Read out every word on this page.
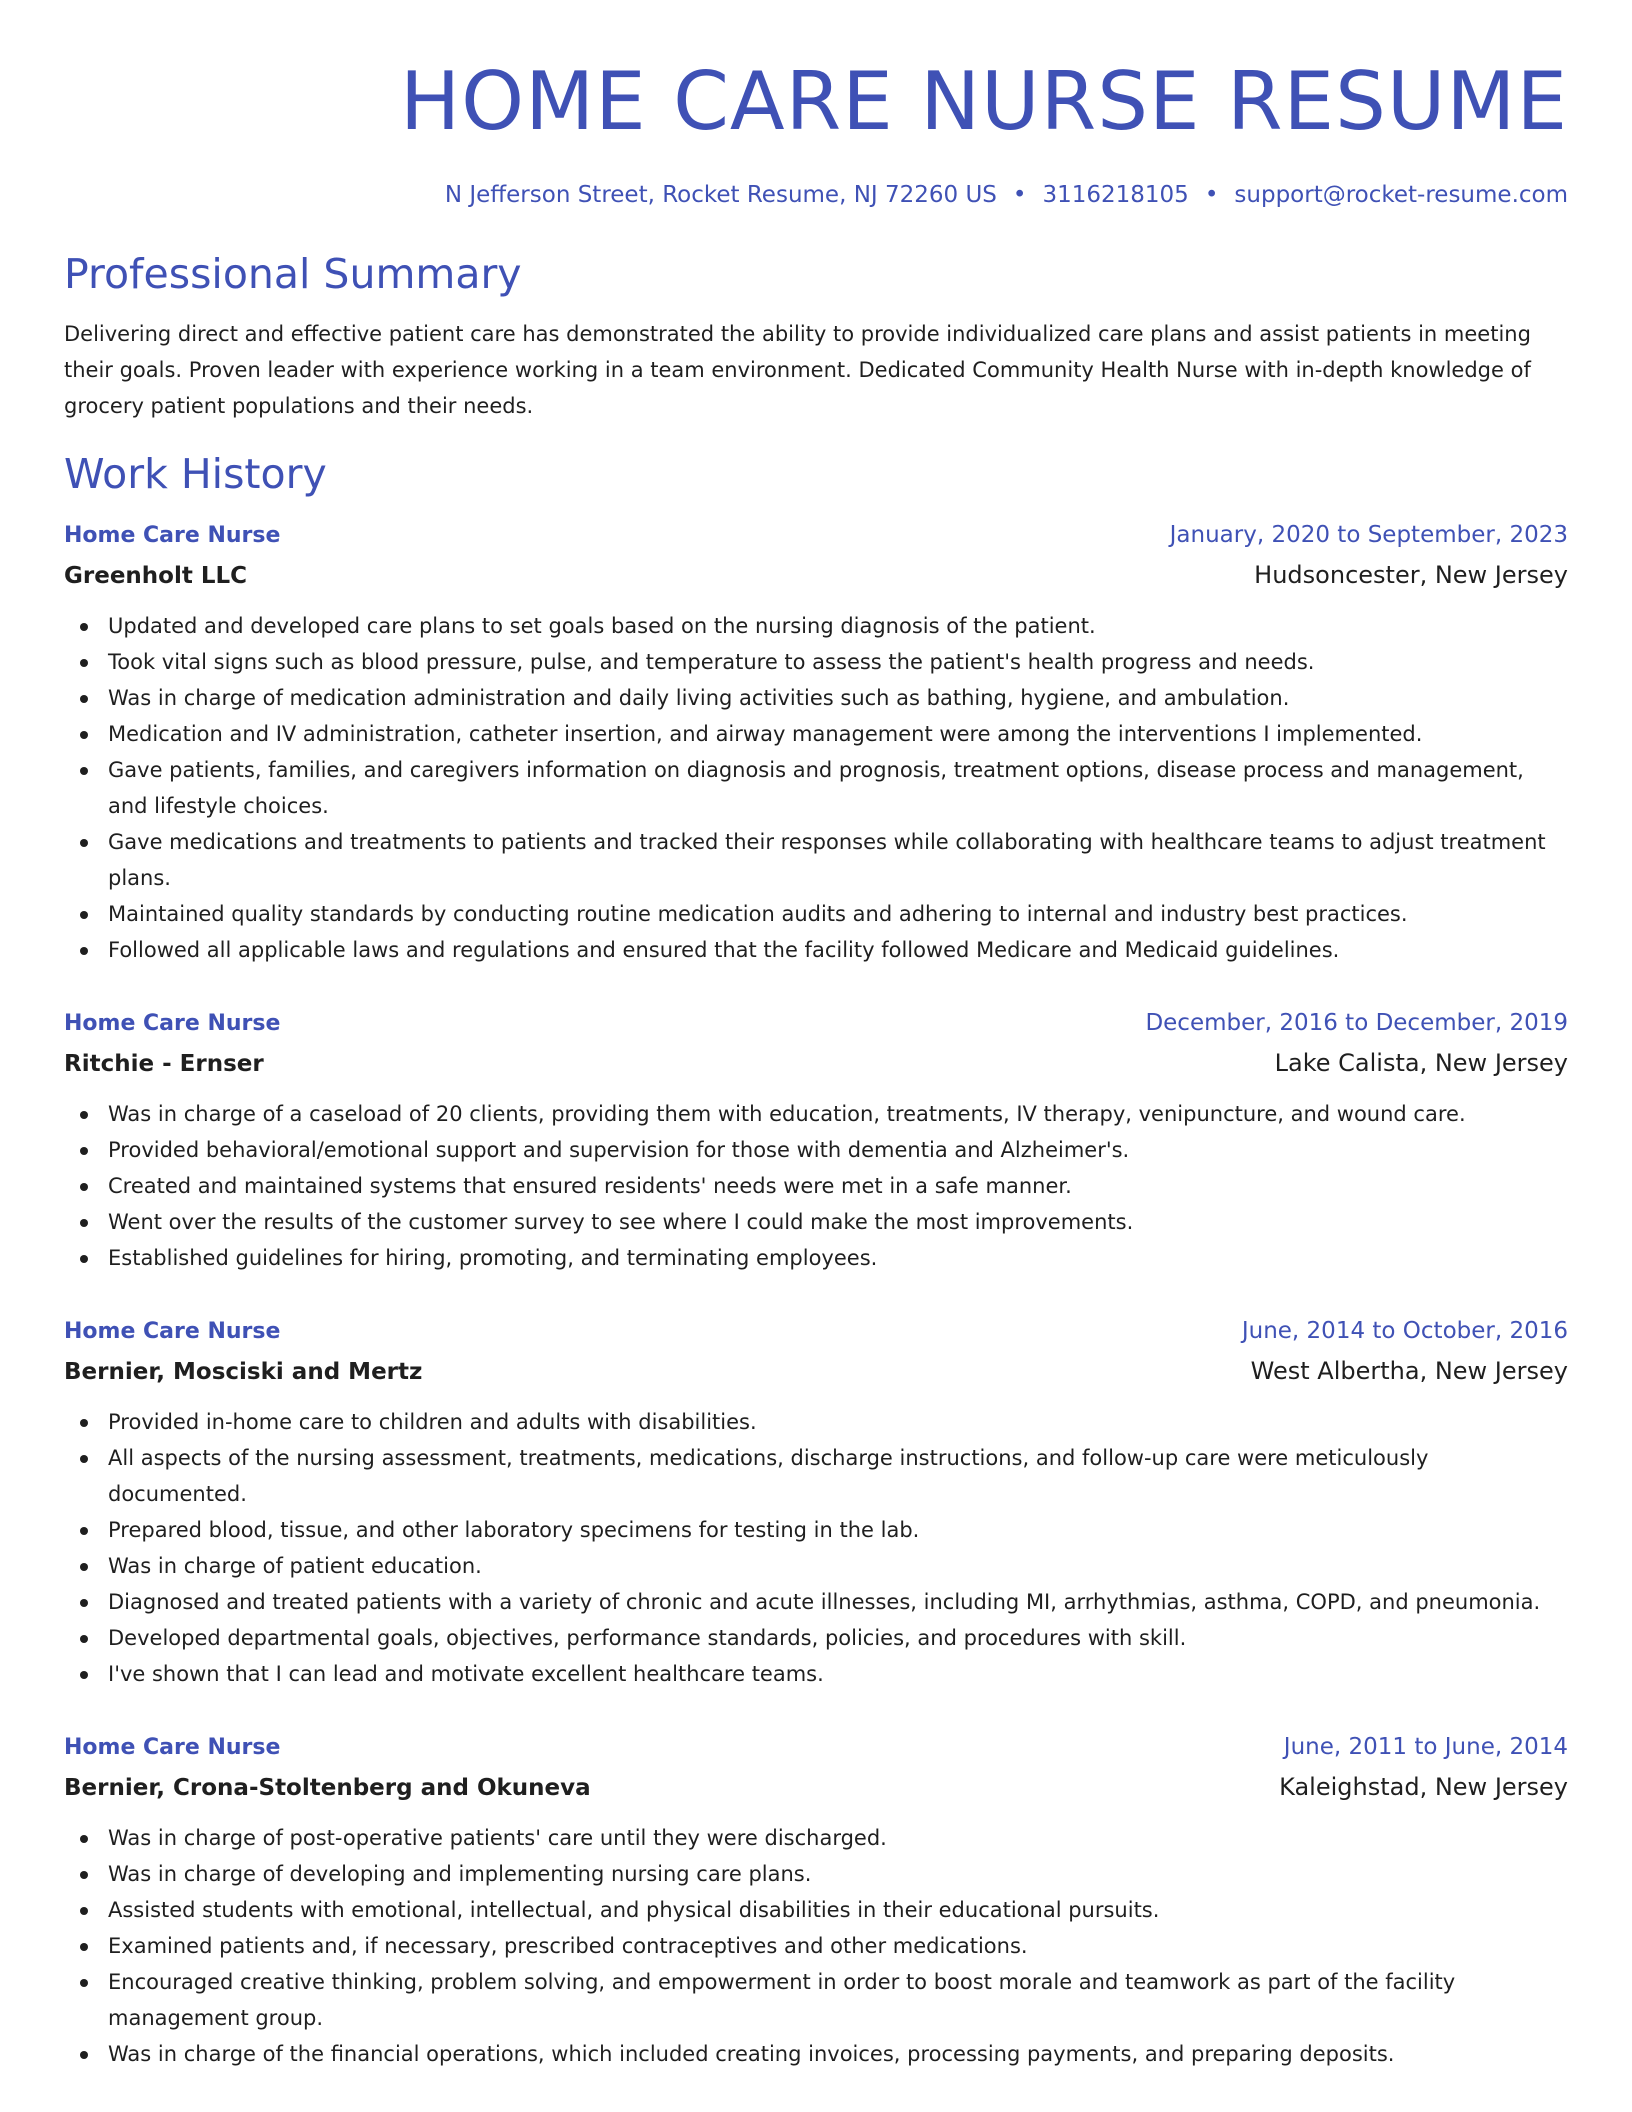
HOME CARE NURSE RESUME
N Jefferson Street, Rocket Resume, NJ 72260 US • 3116218105 • support@rocket-resume.com
Professional Summary

Delivering direct and effective patient care has demonstrated the ability to provide individualized care plans and assist patients in meeting their goals. Proven leader with experience working in a team environment. Dedicated Community Health Nurse with in-depth knowledge of grocery patient populations and their needs.

Work History
Home Care Nurse	January, 2020 to September, 2023
Greenholt LLC	Hudsoncester, New Jersey
Updated and developed care plans to set goals based on the nursing diagnosis of the patient.
Took vital signs such as blood pressure, pulse, and temperature to assess the patient's health progress and needs.
Was in charge of medication administration and daily living activities such as bathing, hygiene, and ambulation.
Medication and IV administration, catheter insertion, and airway management were among the interventions I implemented.
Gave patients, families, and caregivers information on diagnosis and prognosis, treatment options, disease process and management, and lifestyle choices.
Gave medications and treatments to patients and tracked their responses while collaborating with healthcare teams to adjust treatment plans.
Maintained quality standards by conducting routine medication audits and adhering to internal and industry best practices.
Followed all applicable laws and regulations and ensured that the facility followed Medicare and Medicaid guidelines.
Home Care Nurse	December, 2016 to December, 2019
Ritchie - Ernser	Lake Calista, New Jersey
Was in charge of a caseload of 20 clients, providing them with education, treatments, IV therapy, venipuncture, and wound care.
Provided behavioral/emotional support and supervision for those with dementia and Alzheimer's.
Created and maintained systems that ensured residents' needs were met in a safe manner.
Went over the results of the customer survey to see where I could make the most improvements.
Established guidelines for hiring, promoting, and terminating employees.
Home Care Nurse	June, 2014 to October, 2016
Bernier, Mosciski and Mertz	West Albertha, New Jersey
Provided in-home care to children and adults with disabilities.
All aspects of the nursing assessment, treatments, medications, discharge instructions, and follow-up care were meticulously documented.
Prepared blood, tissue, and other laboratory specimens for testing in the lab.
Was in charge of patient education.
Diagnosed and treated patients with a variety of chronic and acute illnesses, including MI, arrhythmias, asthma, COPD, and pneumonia.
Developed departmental goals, objectives, performance standards, policies, and procedures with skill.
I've shown that I can lead and motivate excellent healthcare teams.
Home Care Nurse	June, 2011 to June, 2014
Bernier, Crona-Stoltenberg and Okuneva	Kaleighstad, New Jersey
Was in charge of post-operative patients' care until they were discharged.
Was in charge of developing and implementing nursing care plans.
Assisted students with emotional, intellectual, and physical disabilities in their educational pursuits.
Examined patients and, if necessary, prescribed contraceptives and other medications.
Encouraged creative thinking, problem solving, and empowerment in order to boost morale and teamwork as part of the facility management group.
Was in charge of the financial operations, which included creating invoices, processing payments, and preparing deposits.
